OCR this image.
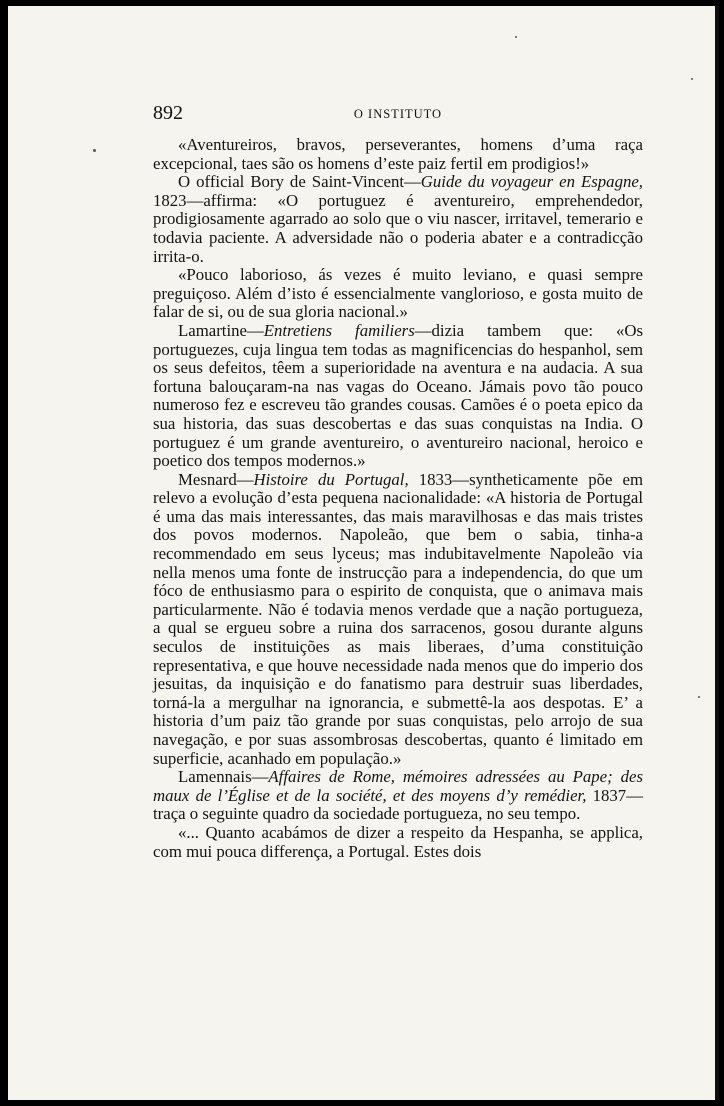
892	O INSTITUTO

«Aventureiros, bravos, perseverantes, homens d’uma raça excepcional, taes são os homens d’este paiz fertil em prodigios!»

O official Bory de Saint-Vincent—Guide du voyageur en Espagne, 1823—affirma: «O portuguez é aventureiro, emprehendedor, prodigiosamente agarrado ao solo que o viu nascer, irritavel, temerario e todavia paciente. A adversidade não o poderia abater e a contradicção irrita-o.

«Pouco laborioso, ás vezes é muito leviano, e quasi sempre preguiçoso. Além d’isto é essencialmente vanglorioso, e gosta muito de falar de si, ou de sua gloria nacional.»

Lamartine—Entretiens familiers—dizia tambem que: «Os portuguezes, cuja lingua tem todas as magnificencias do hespanhol, sem os seus defeitos, têem a superioridade na aventura e na audacia. A sua fortuna balouçaram-na nas vagas do Oceano. Jámais povo tão pouco numeroso fez e escreveu tão grandes cousas. Camões é o poeta epico da sua historia, das suas descobertas e das suas conquistas na India. O portuguez é um grande aventureiro, o aventureiro nacional, heroico e poetico dos tempos modernos.»

Mesnard—Histoire du Portugal, 1833—syntheticamente põe em relevo a evolução d’esta pequena nacionalidade: «A historia de Portugal é uma das mais interessantes, das mais maravilhosas e das mais tristes dos povos modernos. Napoleão, que bem o sabia, tinha-a recommendado em seus lyceus; mas indubitavelmente Napoleão via nella menos uma fonte de instrucção para a independencia, do que um fóco de enthusiasmo para o espirito de conquista, que o animava mais particularmente. Não é todavia menos verdade que a nação portugueza, a qual se ergueu sobre a ruina dos sarracenos, gosou durante alguns seculos de instituições as mais liberaes, d’uma constituição representativa, e que houve necessidade nada menos que do imperio dos jesuitas, da inquisição e do fanatismo para destruir suas liberdades, torná-la a mergulhar na ignorancia, e submettê-la aos despotas. E’ a historia d’um paiz tão grande por suas conquistas, pelo arrojo de sua navegação, e por suas assombrosas descobertas, quanto é limitado em superficie, acanhado em população.»

Lamennais—Affaires de Rome, mémoires adressées au Pape; des maux de l’Église et de la société, et des moyens d’y remédier, 1837—traça o seguinte quadro da sociedade portugueza, no seu tempo.

«... Quanto acabámos de dizer a respeito da Hespanha, se applica, com mui pouca differença, a Portugal. Estes dois
